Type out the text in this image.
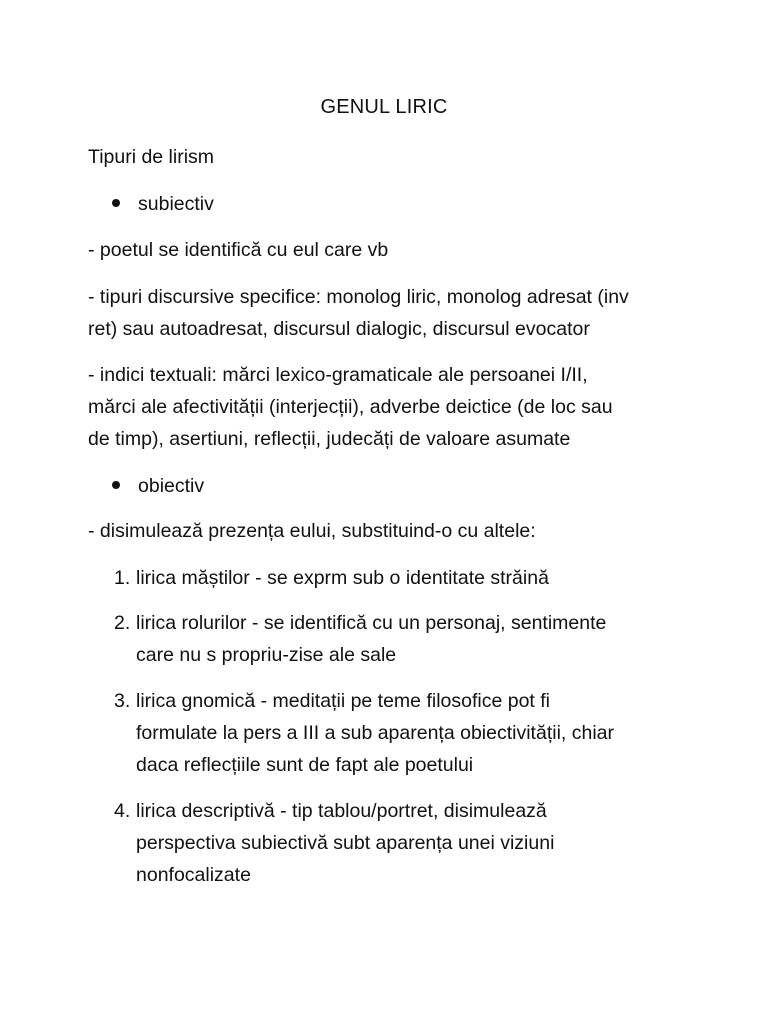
GENUL LIRIC
Tipuri de lirism
subiectiv
- poetul se identifică cu eul care vb
- tipuri discursive specifice: monolog liric, monolog adresat (inv
ret) sau autoadresat, discursul dialogic, discursul evocator
- indici textuali: mărci lexico-gramaticale ale persoanei I/II,
mărci ale afectivității (interjecții), adverbe deictice (de loc sau
de timp), asertiuni, reflecții, judecăți de valoare asumate
obiectiv
- disimulează prezența eului, substituind-o cu altele:
1. lirica măștilor - se exprm sub o identitate străină
2. lirica rolurilor - se identifică cu un personaj, sentimente
care nu s propriu-zise ale sale
3. lirica gnomică - meditații pe teme filosofice pot fi
formulate la pers a III a sub aparența obiectivității, chiar
daca reflecțiile sunt de fapt ale poetului
4. lirica descriptivă - tip tablou/portret, disimulează
perspectiva subiectivă subt aparența unei viziuni
nonfocalizate
